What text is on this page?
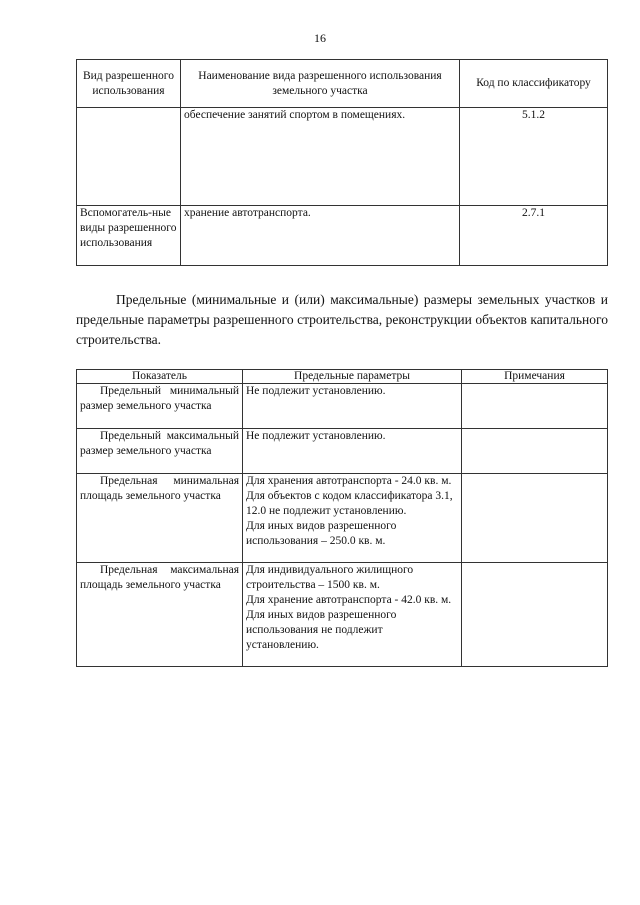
16
Вид разрешенного использования	Наименование вида разрешенного использования земельного участка	Код по классификатору
	обеспечение занятий спортом в помещениях.	5.1.2
Вспомогатель-ные виды разрешенного использования	хранение автотранспорта.	2.7.1

Предельные (минимальные и (или) максимальные) размеры земельных участков и предельные параметры разрешенного строительства, реконструкции объектов капитального строительства.

Показатель	Предельные параметры	Примечания
Предельный минимальный размер земельного участка	Не подлежит установлению.	
Предельный максимальный размер земельного участка	Не подлежит установлению.	
Предельная минимальная площадь земельного участка	Для хранения автотранспорта - 24.0 кв. м.
Для объектов с кодом классификатора 3.1, 12.0 не подлежит установлению.
Для иных видов разрешенного использования – 250.0 кв. м.	

Предельная максимальная площадь земельного участка	Для индивидуального жилищного строительства – 1500 кв. м.
Для хранение автотранспорта - 42.0 кв. м.
Для иных видов разрешенного использования не подлежит установлению.	
